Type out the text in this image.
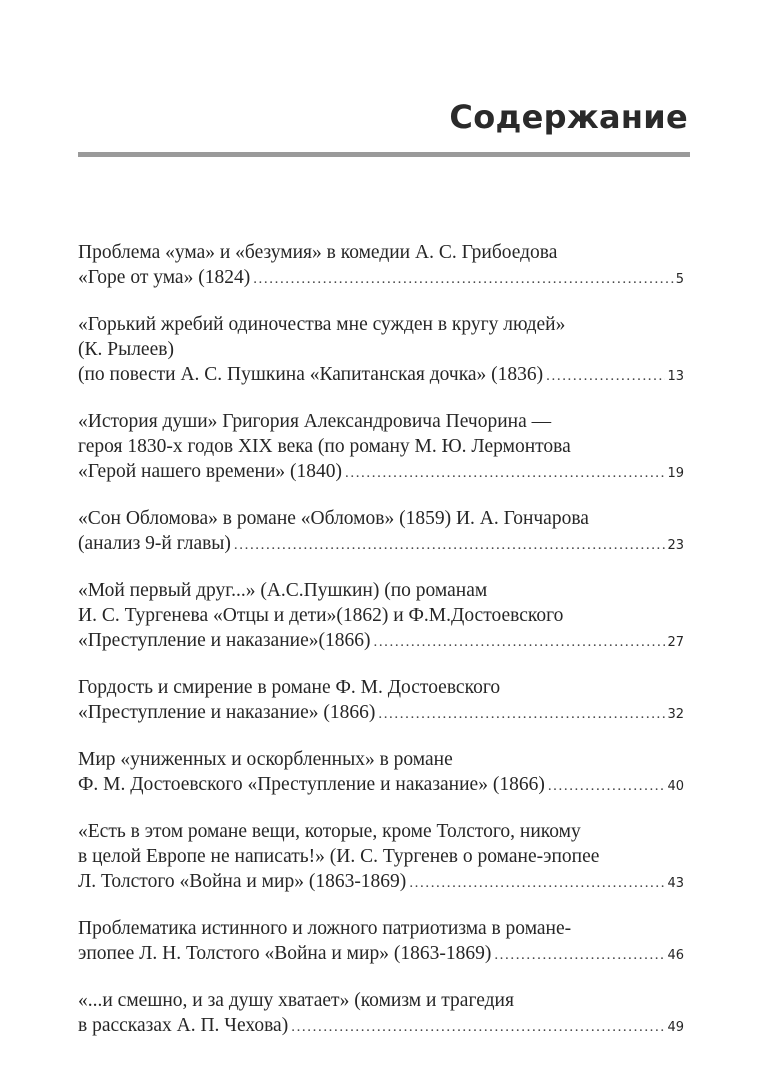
Содержание
Проблема «ума» и «безумия» в комедии А. С. Грибоедова
«Горе от ума» (1824) .....	5
«Горький жребий одиночества мне сужден в кругу людей»
(К. Рылеев)
(по повести А. С. Пушкина «Капитанская дочка» (1836) .....	13
«История души» Григория Александровича Печорина —
героя 1830-х годов XIX века (по роману М. Ю. Лермонтова
«Герой нашего времени» (1840) .....	19
«Сон Обломова» в романе «Обломов» (1859) И. А. Гончарова
(анализ 9-й главы) .....	23
«Мой первый друг...» (А.С.Пушкин) (по романам
И. С. Тургенева «Отцы и дети»(1862) и Ф.М.Достоевского
«Преступление и наказание»(1866) .....	27
Гордость и смирение в романе Ф. М. Достоевского
«Преступление и наказание» (1866) .....	32
Мир «униженных и оскорбленных» в романе
Ф. М. Достоевского «Преступление и наказание» (1866) .....	40
«Есть в этом романе вещи, которые, кроме Толстого, никому
в целой Европе не написать!» (И. С. Тургенев о романе-эпопее
Л. Толстого «Война и мир» (1863-1869) .....	43
Проблематика истинного и ложного патриотизма в романе-
эпопее Л. Н. Толстого «Война и мир» (1863-1869) .....	46
«...и смешно, и за душу хватает» (комизм и трагедия
в рассказах А. П. Чехова) .....	49
